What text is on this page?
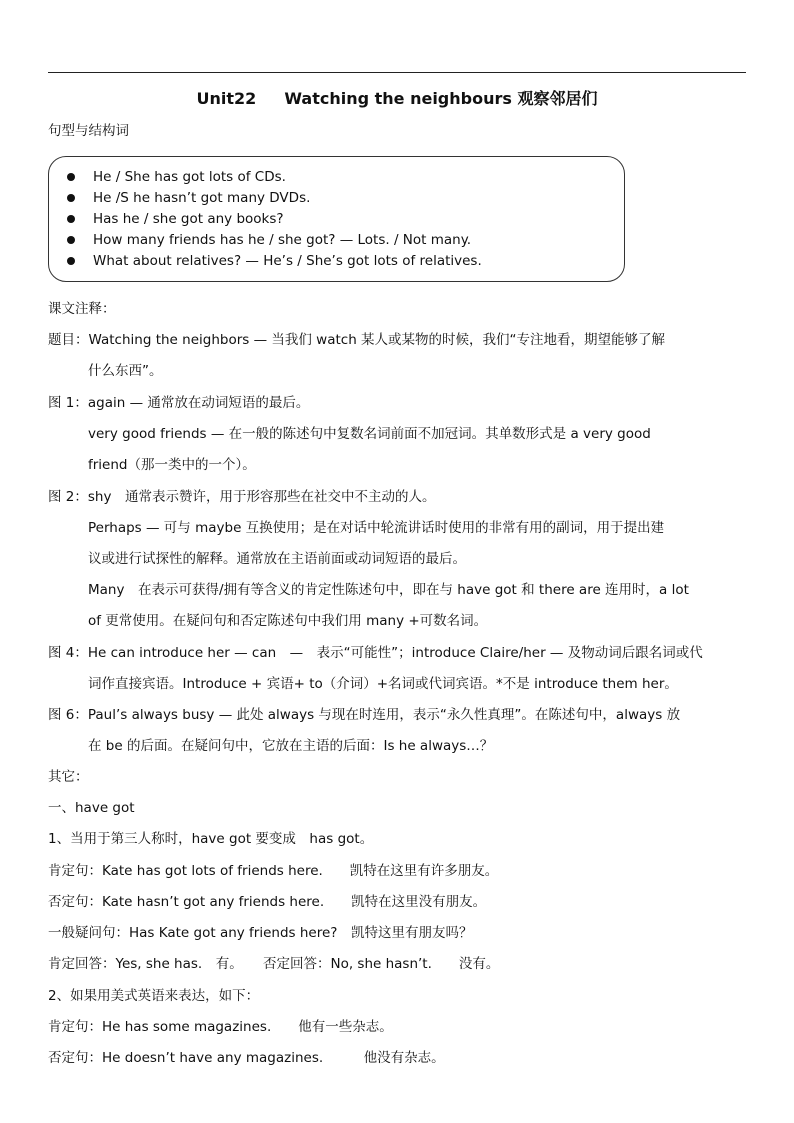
Unit22 Watching the neighbours 观察邻居们
句型与结构词
He / She has got lots of CDs.
He /S he hasn’t got many DVDs.
Has he / she got any books?
How many friends has he / she got? — Lots. / Not many.
What about relatives? — He’s / She’s got lots of relatives.
课文注释：
题目：Watching the neighbors — 当我们 watch 某人或某物的时候，我们“专注地看，期望能够了解
什么东西”。
图 1：again — 通常放在动词短语的最后。
very good friends — 在一般的陈述句中复数名词前面不加冠词。其单数形式是 a very good
friend（那一类中的一个）。
图 2：shy　通常表示赞许，用于形容那些在社交中不主动的人。
Perhaps — 可与 maybe 互换使用；是在对话中轮流讲话时使用的非常有用的副词，用于提出建
议或进行试探性的解释。通常放在主语前面或动词短语的最后。
Many　在表示可获得/拥有等含义的肯定性陈述句中，即在与 have got 和 there are 连用时，a lot
of 更常使用。在疑问句和否定陈述句中我们用 many +可数名词。
图 4：He can introduce her — can　—　表示“可能性”；introduce Claire/her — 及物动词后跟名词或代
词作直接宾语。Introduce + 宾语+ to（介词）+名词或代词宾语。*不是 introduce them her。
图 6：Paul’s always busy — 此处 always 与现在时连用，表示“永久性真理”。在陈述句中，always 放
在 be 的后面。在疑问句中，它放在主语的后面：Is he always…？
其它：
一、have got
1、当用于第三人称时，have got 要变成　has got。
肯定句：Kate has got lots of friends here.　　凯特在这里有许多朋友。
否定句：Kate hasn’t got any friends here.　　凯特在这里没有朋友。
一般疑问句：Has Kate got any friends here?　凯特这里有朋友吗？
肯定回答：Yes, she has.　有。　　否定回答：No, she hasn’t.　　没有。
2、如果用美式英语来表达，如下：
肯定句：He has some magazines.　　他有一些杂志。
否定句：He doesn’t have any magazines.　　　他没有杂志。
